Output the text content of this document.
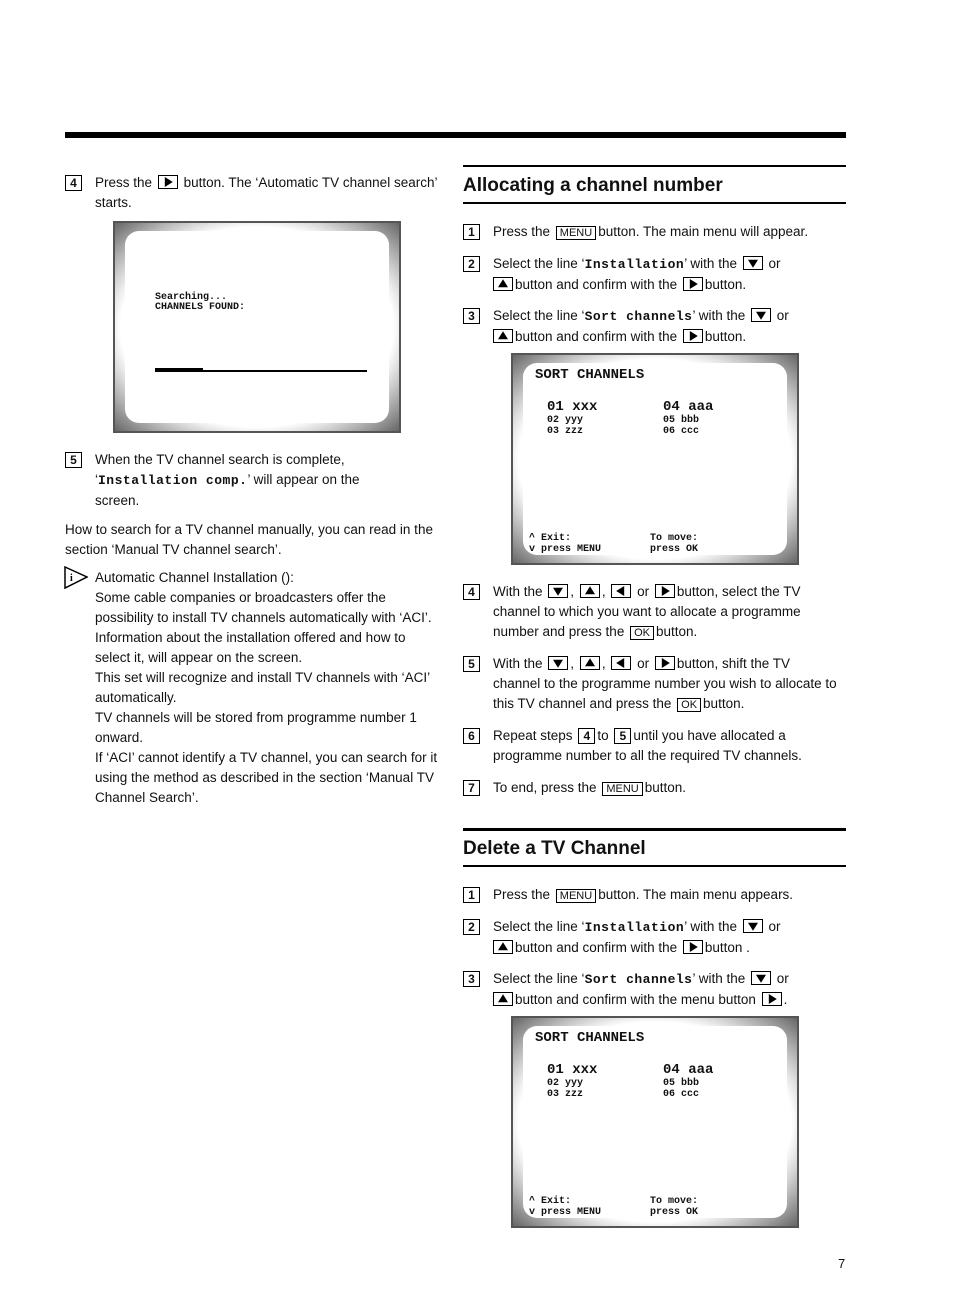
4	Press the button. The ‘Automatic TV channel search’
starts.
Searching...
CHANNELS FOUND:
5	When the TV channel search is complete,
‘Installation comp.’ will appear on the
screen.
How to search for a TV channel manually, you can read in the
section ‘Manual TV channel search’.
i Automatic Channel Installation ():
Some cable companies or broadcasters offer the
possibility to install TV channels automatically with ‘ACI’.
Information about the installation offered and how to
select it, will appear on the screen.
This set will recognize and install TV channels with ‘ACI’
automatically.
TV channels will be stored from programme number 1
onward.
If ‘ACI’ cannot identify a TV channel, you can search for it
using the method as described in the section ‘Manual TV
Channel Search’.
Allocating a channel number
1	Press the MENU button. The main menu will appear.
2	Select the line ‘Installation’ with the or
button and confirm with the button.
3	Select the line ‘Sort channels’ with the or
button and confirm with the button.
SORT CHANNELS
01 xxx
02 yyy
03 zzz
04 aaa
05 bbb
06 ccc
^ Exit:
v press MENU
To move:
press OK
4	With the , , or button, select the TV
channel to which you want to allocate a programme
number and press the OK button.
5	With the , , or button, shift the TV
channel to the programme number you wish to allocate to
this TV channel and press the OK button.
6	Repeat steps 4 to 5 until you have allocated a
programme number to all the required TV channels.
7	To end, press the MENU button.
Delete a TV Channel
1	Press the MENU button. The main menu appears.
2	Select the line ‘Installation’ with the or
button and confirm with the button .
3	Select the line ‘Sort channels’ with the or
button and confirm with the menu button .
SORT CHANNELS
01 xxx
02 yyy
03 zzz
04 aaa
05 bbb
06 ccc
^ Exit:
v press MENU
To move:
press OK
7
